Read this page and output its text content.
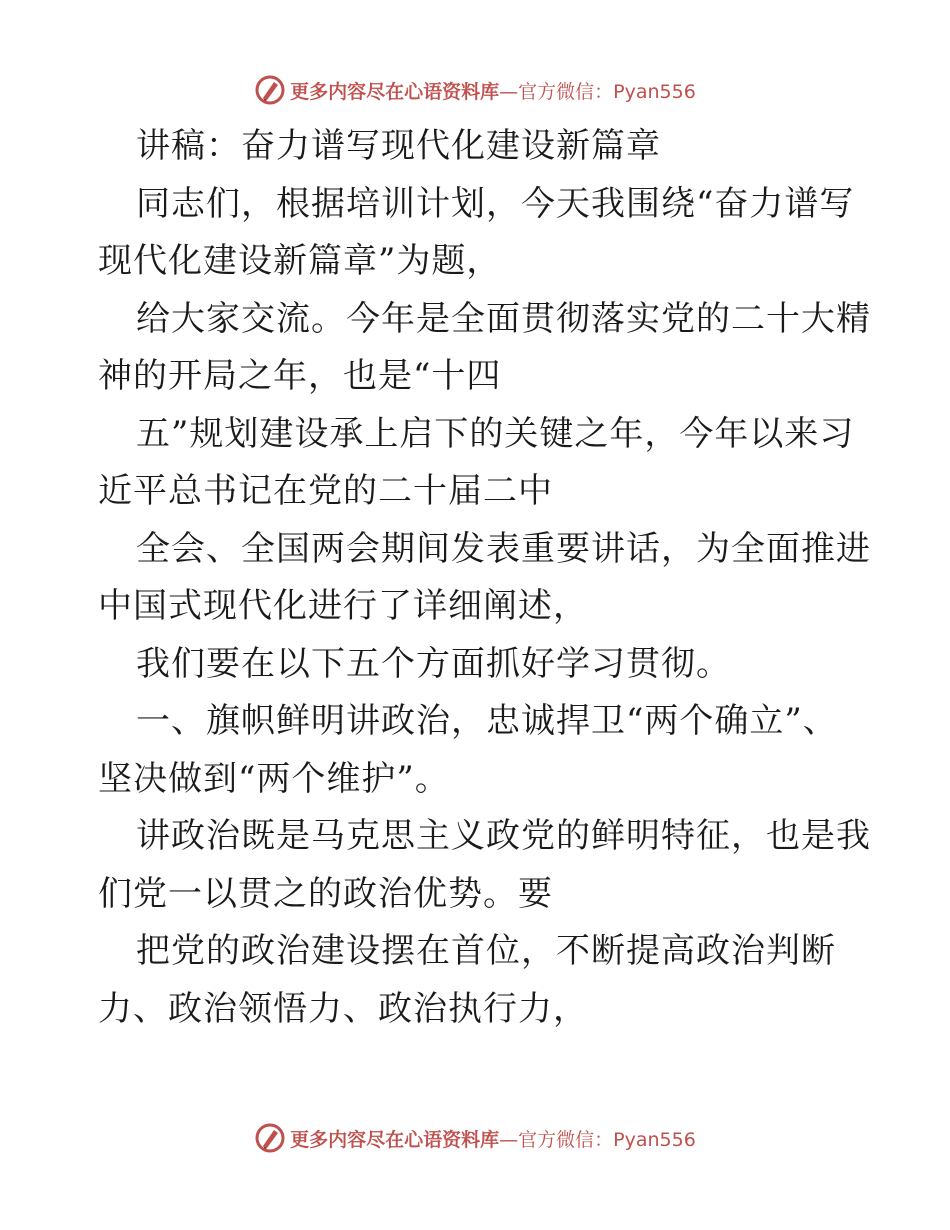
更多内容尽在心语资料库—官方微信：Pyan556
讲稿：奋力谱写现代化建设新篇章
同志们，根据培训计划，今天我围绕“奋力谱写
现代化建设新篇章”为题，
给大家交流。今年是全面贯彻落实党的二十大精
神的开局之年，也是“十四
五”规划建设承上启下的关键之年，今年以来习
近平总书记在党的二十届二中
全会、全国两会期间发表重要讲话，为全面推进
中国式现代化进行了详细阐述，
我们要在以下五个方面抓好学习贯彻。
一、旗帜鲜明讲政治，忠诚捍卫“两个确立”、
坚决做到“两个维护”。
讲政治既是马克思主义政党的鲜明特征，也是我
们党一以贯之的政治优势。要
把党的政治建设摆在首位，不断提高政治判断
力、政治领悟力、政治执行力，
更多内容尽在心语资料库—官方微信：Pyan556
